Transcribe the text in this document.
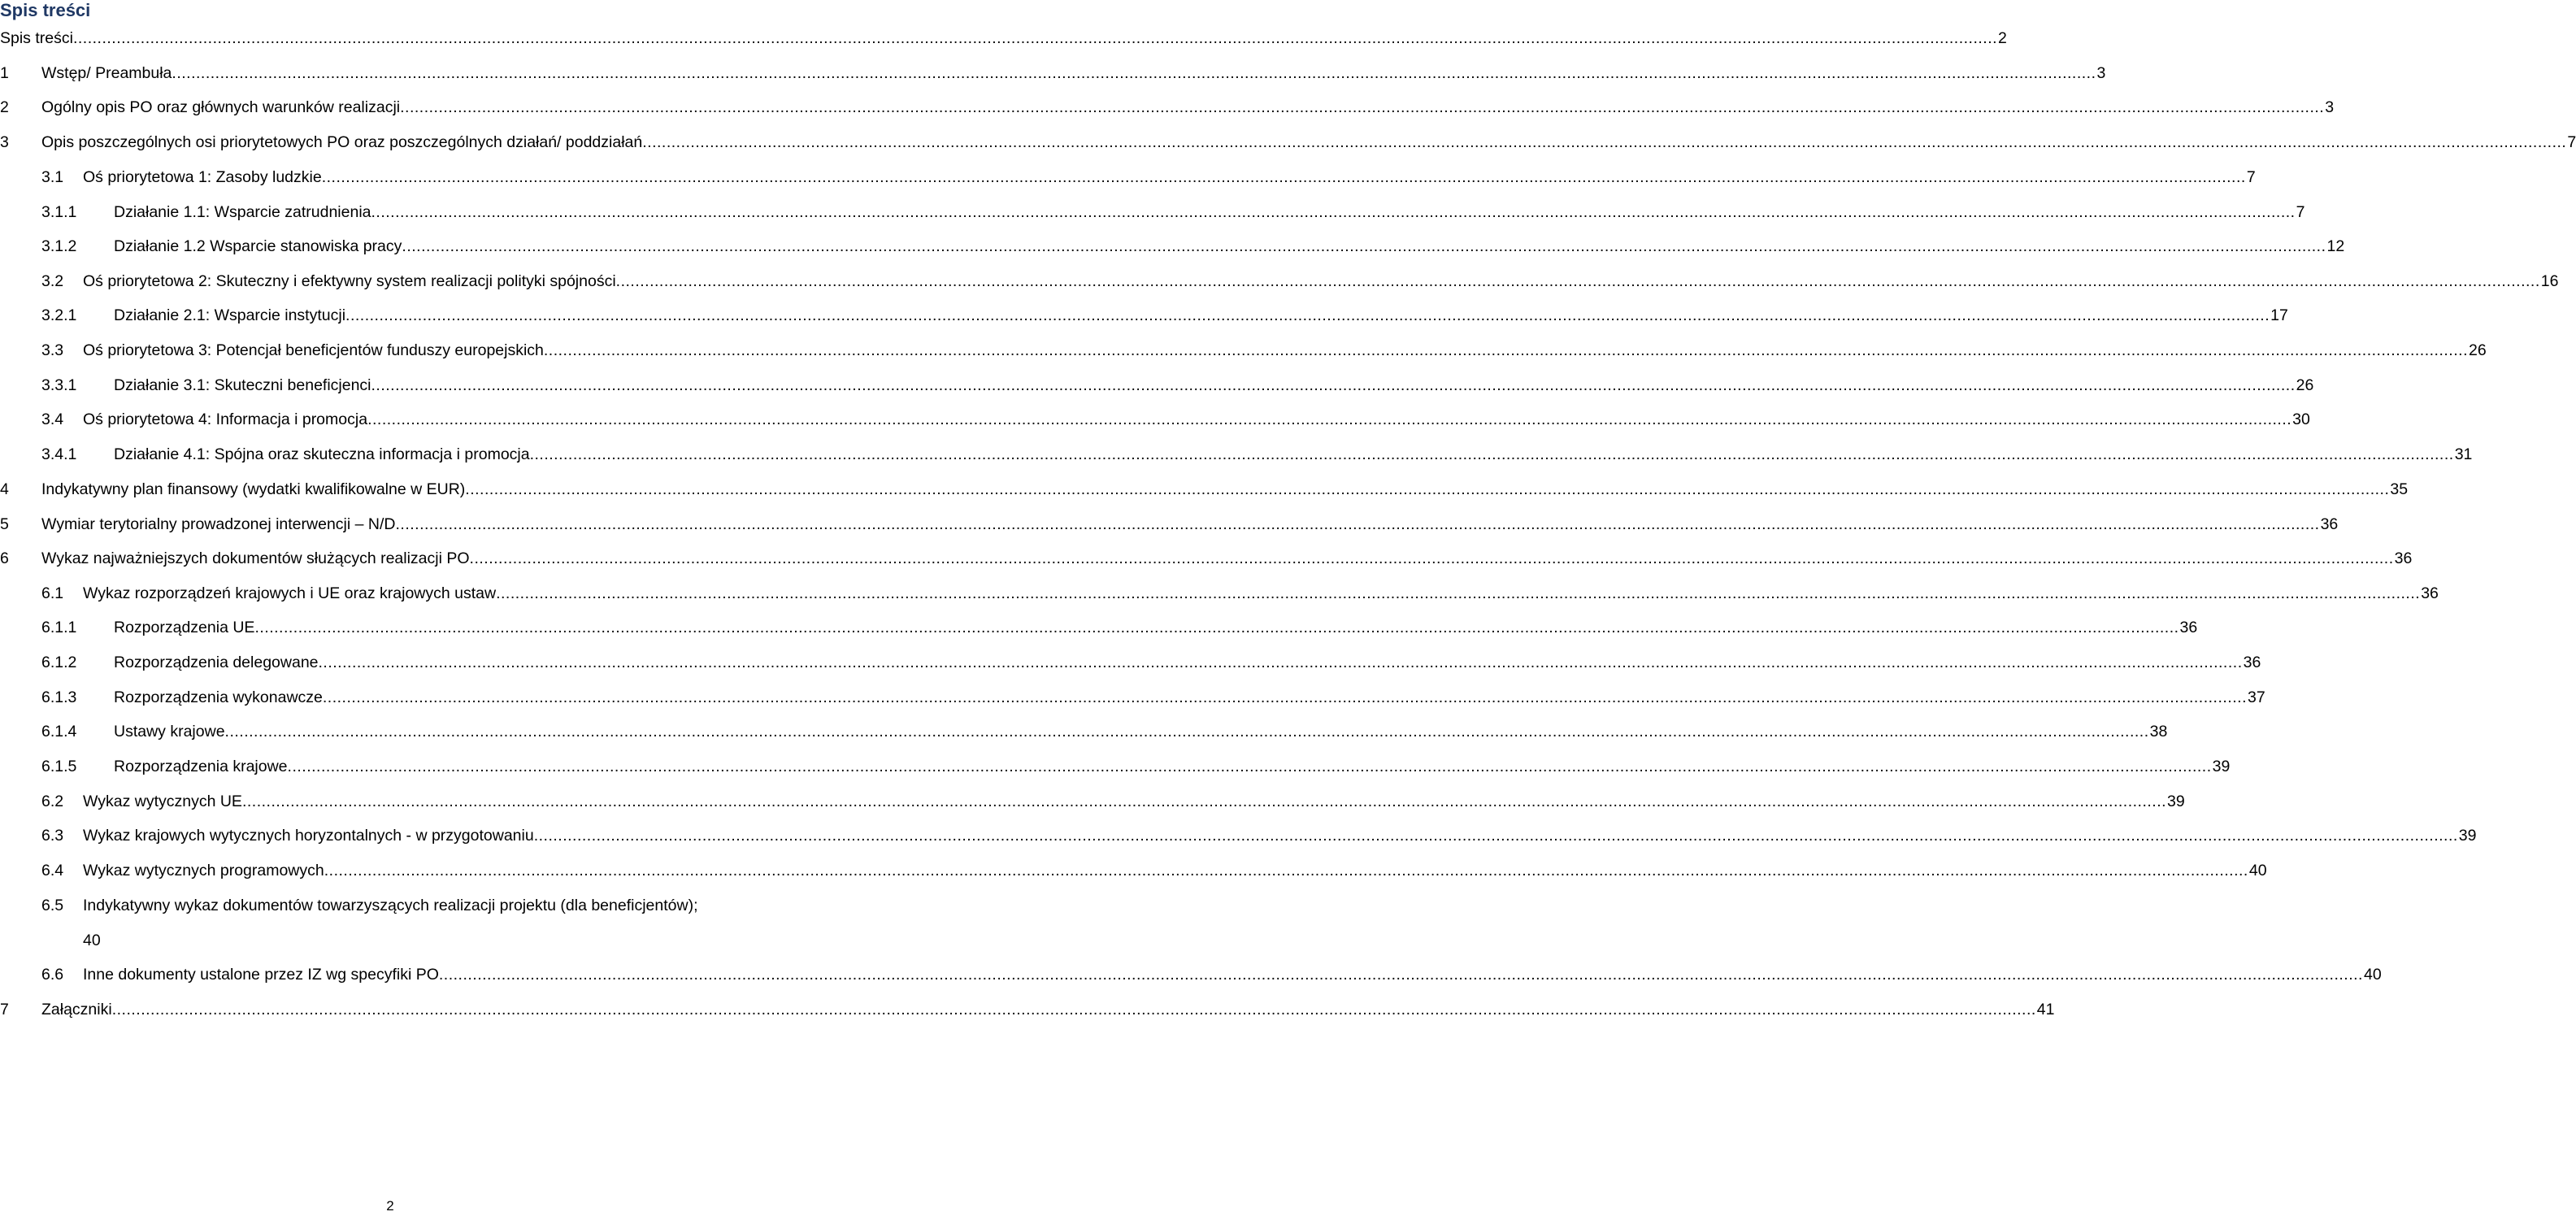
Spis treści
Spis treści ................................................................................................................................................................................................................................................................................................................................................................................................................ 2
1 Wstęp/ Preambuła ................................................................................................................................................................................................................................................................................................................................................................................................................ 3
2 Ogólny opis PO oraz głównych warunków realizacji ................................................................................................................................................................................................................................................................................................................................................................................................................ 3
3 Opis poszczególnych osi priorytetowych PO oraz poszczególnych działań/ poddziałań ................................................................................................................................................................................................................................................................................................................................................................................................................ 7
3.1 Oś priorytetowa 1: Zasoby ludzkie ................................................................................................................................................................................................................................................................................................................................................................................................................ 7
3.1.1 Działanie 1.1: Wsparcie zatrudnienia ................................................................................................................................................................................................................................................................................................................................................................................................................ 7
3.1.2 Działanie 1.2 Wsparcie stanowiska pracy ................................................................................................................................................................................................................................................................................................................................................................................................................ 12
3.2 Oś priorytetowa 2: Skuteczny i efektywny system realizacji polityki spójności ................................................................................................................................................................................................................................................................................................................................................................................................................ 16
3.2.1 Działanie 2.1: Wsparcie instytucji ................................................................................................................................................................................................................................................................................................................................................................................................................ 17
3.3 Oś priorytetowa 3: Potencjał beneficjentów funduszy europejskich ................................................................................................................................................................................................................................................................................................................................................................................................................ 26
3.3.1 Działanie 3.1: Skuteczni beneficjenci ................................................................................................................................................................................................................................................................................................................................................................................................................ 26
3.4 Oś priorytetowa 4: Informacja i promocja ................................................................................................................................................................................................................................................................................................................................................................................................................ 30
3.4.1 Działanie 4.1: Spójna oraz skuteczna informacja i promocja ................................................................................................................................................................................................................................................................................................................................................................................................................ 31
4 Indykatywny plan finansowy (wydatki kwalifikowalne w EUR) ................................................................................................................................................................................................................................................................................................................................................................................................................ 35
5 Wymiar terytorialny prowadzonej interwencji – N/D ................................................................................................................................................................................................................................................................................................................................................................................................................ 36
6 Wykaz najważniejszych dokumentów służących realizacji PO ................................................................................................................................................................................................................................................................................................................................................................................................................ 36
6.1 Wykaz rozporządzeń krajowych i UE oraz krajowych ustaw ................................................................................................................................................................................................................................................................................................................................................................................................................ 36
6.1.1 Rozporządzenia UE ................................................................................................................................................................................................................................................................................................................................................................................................................ 36
6.1.2 Rozporządzenia delegowane ................................................................................................................................................................................................................................................................................................................................................................................................................ 36
6.1.3 Rozporządzenia wykonawcze ................................................................................................................................................................................................................................................................................................................................................................................................................ 37
6.1.4 Ustawy krajowe ................................................................................................................................................................................................................................................................................................................................................................................................................ 38
6.1.5 Rozporządzenia krajowe ................................................................................................................................................................................................................................................................................................................................................................................................................ 39
6.2 Wykaz wytycznych UE ................................................................................................................................................................................................................................................................................................................................................................................................................ 39
6.3 Wykaz krajowych wytycznych horyzontalnych - w przygotowaniu ................................................................................................................................................................................................................................................................................................................................................................................................................ 39
6.4 Wykaz wytycznych programowych ................................................................................................................................................................................................................................................................................................................................................................................................................ 40
6.5 Indykatywny wykaz dokumentów towarzyszących realizacji projektu (dla beneficjentów);
6.6 Inne dokumenty ustalone przez IZ wg specyfiki PO ................................................................................................................................................................................................................................................................................................................................................................................................................ 40
7 Załączniki ................................................................................................................................................................................................................................................................................................................................................................................................................ 41
40
2
